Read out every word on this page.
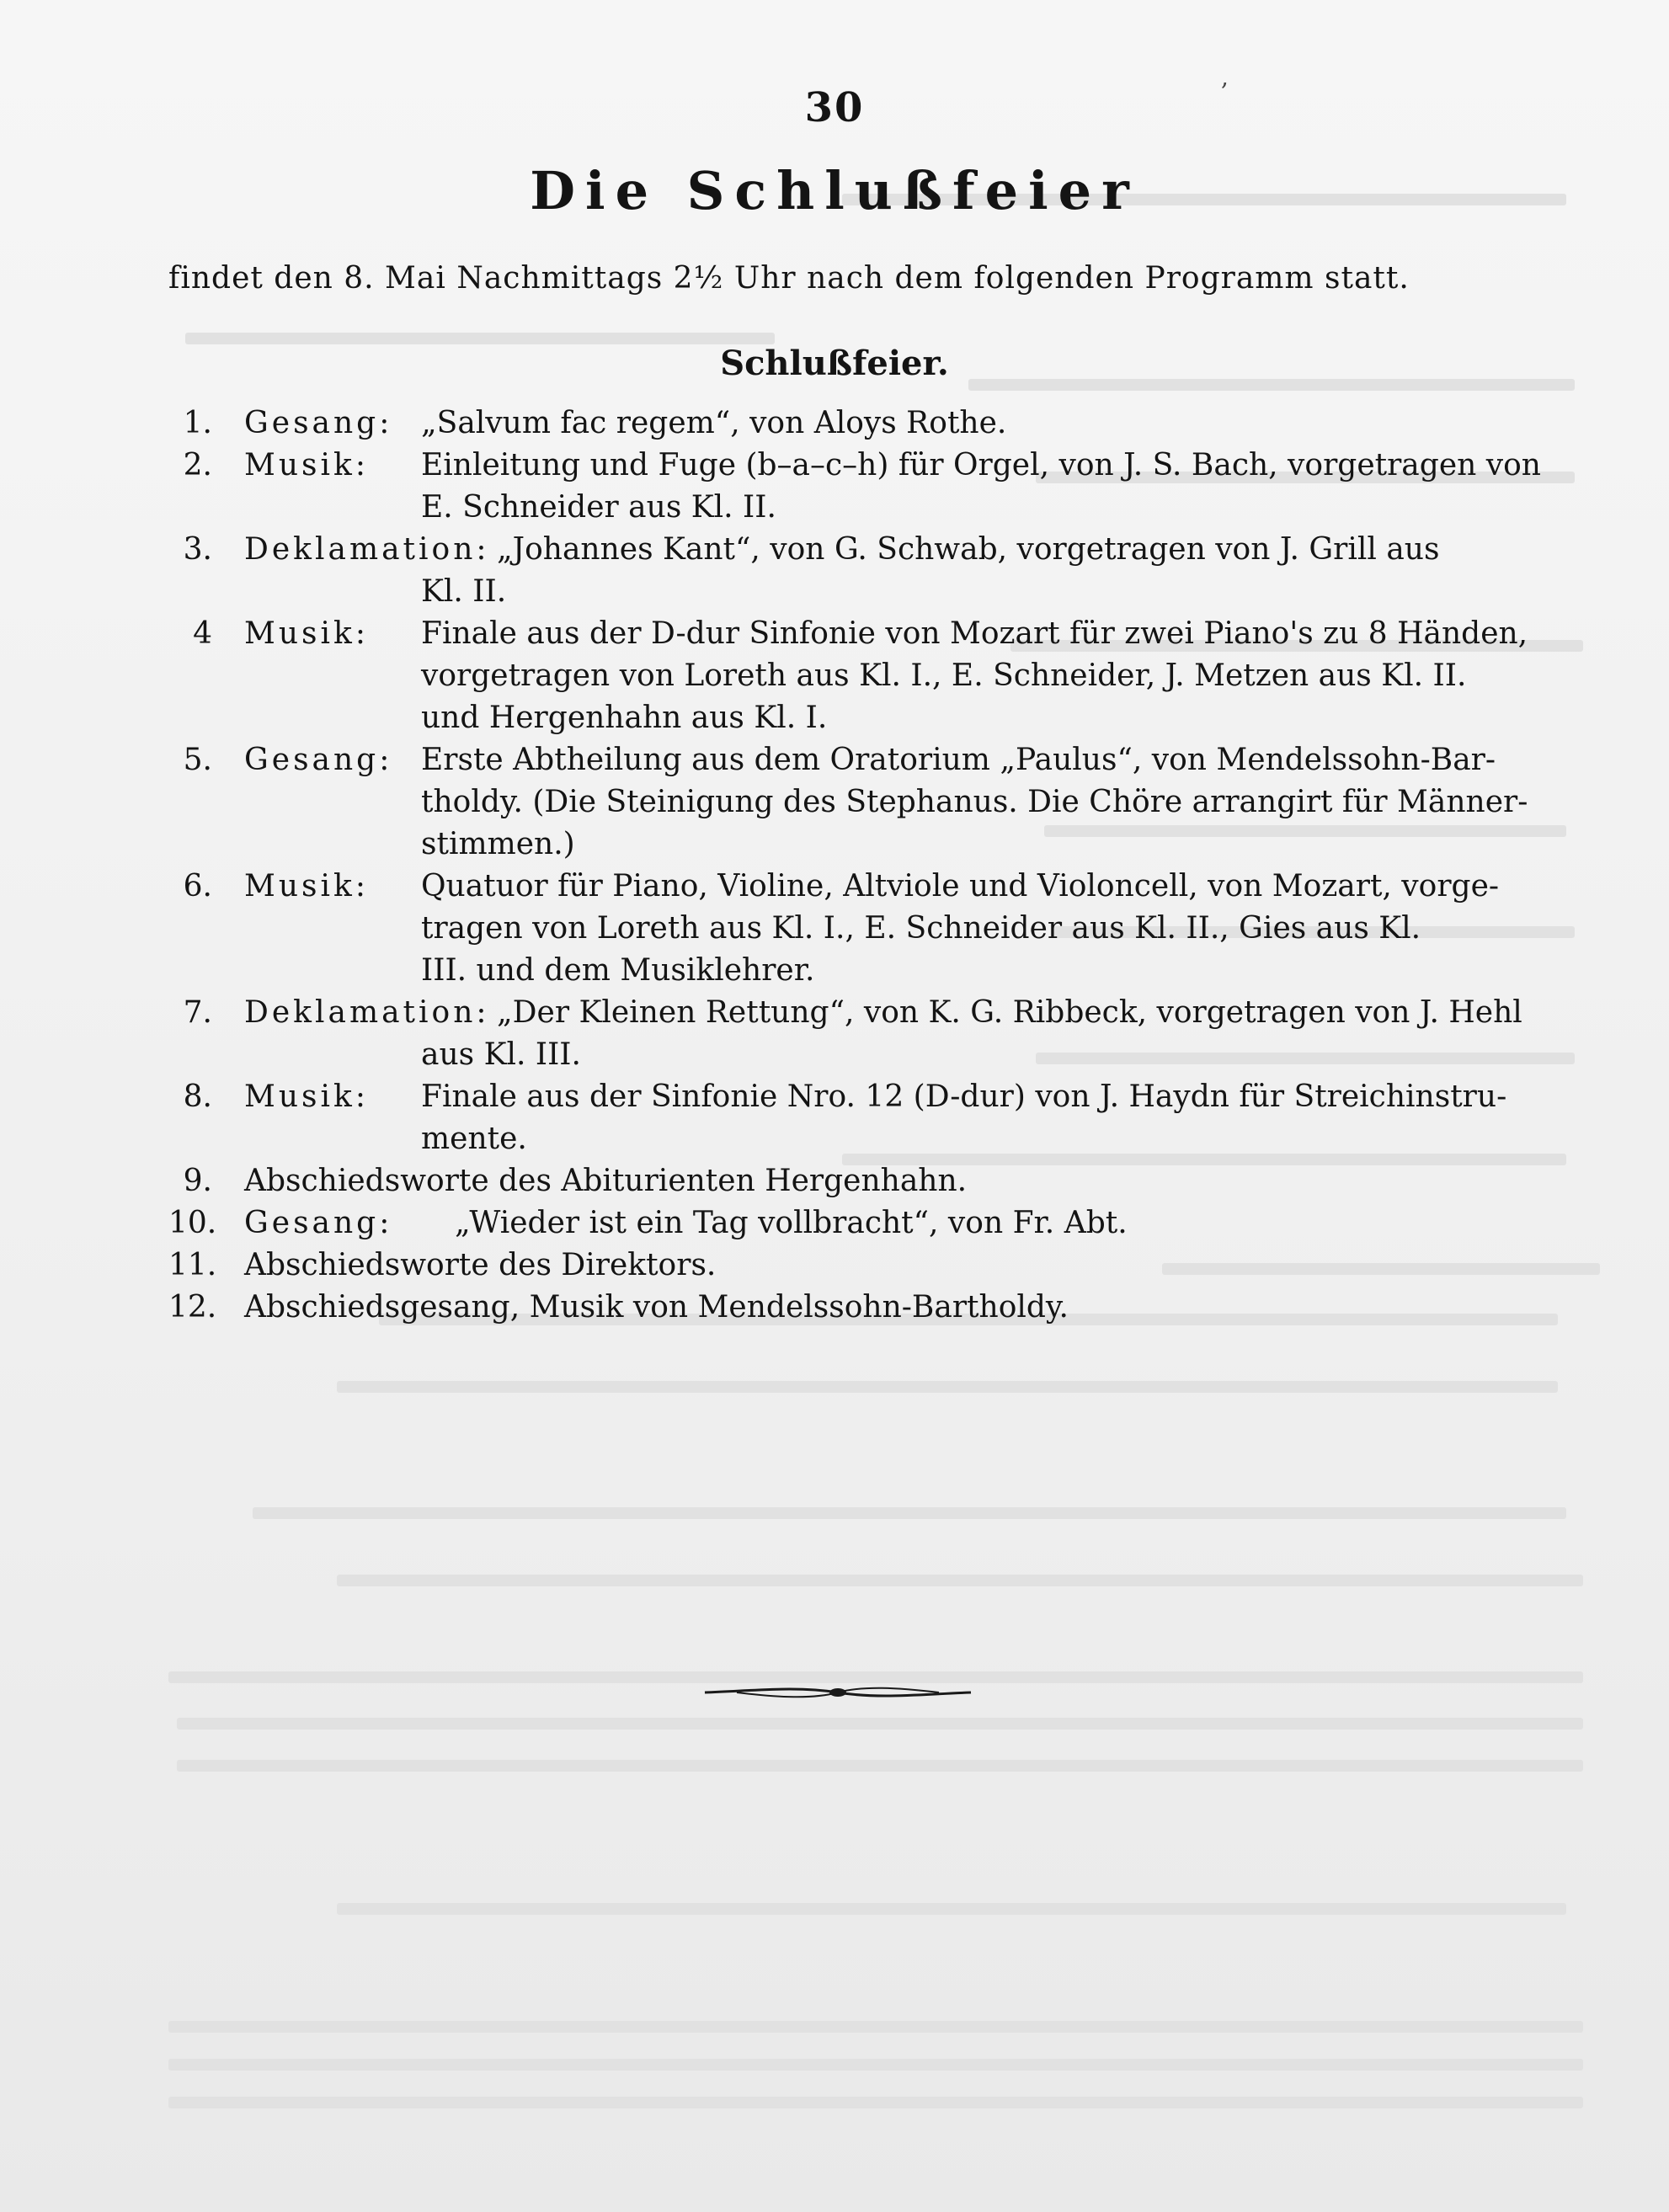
,
30
Die Schlußfeier
findet den 8. Mai Nachmittags 2½ Uhr nach dem folgenden Programm statt.
Schlußfeier.
1. Gesang: „Salvum fac regem“, von Aloys Rothe.
2. Musik: Einleitung und Fuge (b–a–c–h) für Orgel, von J. S. Bach, vorgetragen von
E. Schneider aus Kl. II.
3. Deklamation: „Johannes Kant“, von G. Schwab, vorgetragen von J. Grill aus
Kl. II.
4 Musik: Finale aus der D-dur Sinfonie von Mozart für zwei Piano's zu 8 Händen,
vorgetragen von Loreth aus Kl. I., E. Schneider, J. Metzen aus Kl. II.
und Hergenhahn aus Kl. I.
5. Gesang: Erste Abtheilung aus dem Oratorium „Paulus“, von Mendelssohn-Bar-
tholdy. (Die Steinigung des Stephanus. Die Chöre arrangirt für Männer-
stimmen.)
6. Musik: Quatuor für Piano, Violine, Altviole und Violoncell, von Mozart, vorge-
tragen von Loreth aus Kl. I., E. Schneider aus Kl. II., Gies aus Kl.
III. und dem Musiklehrer.
7. Deklamation: „Der Kleinen Rettung“, von K. G. Ribbeck, vorgetragen von J. Hehl
aus Kl. III.
8. Musik: Finale aus der Sinfonie Nro. 12 (D-dur) von J. Haydn für Streichinstru-
mente.
9. Abschiedsworte des Abiturienten Hergenhahn.
10. Gesang: „Wieder ist ein Tag vollbracht“, von Fr. Abt.
11. Abschiedsworte des Direktors.
12. Abschiedsgesang, Musik von Mendelssohn-Bartholdy.
